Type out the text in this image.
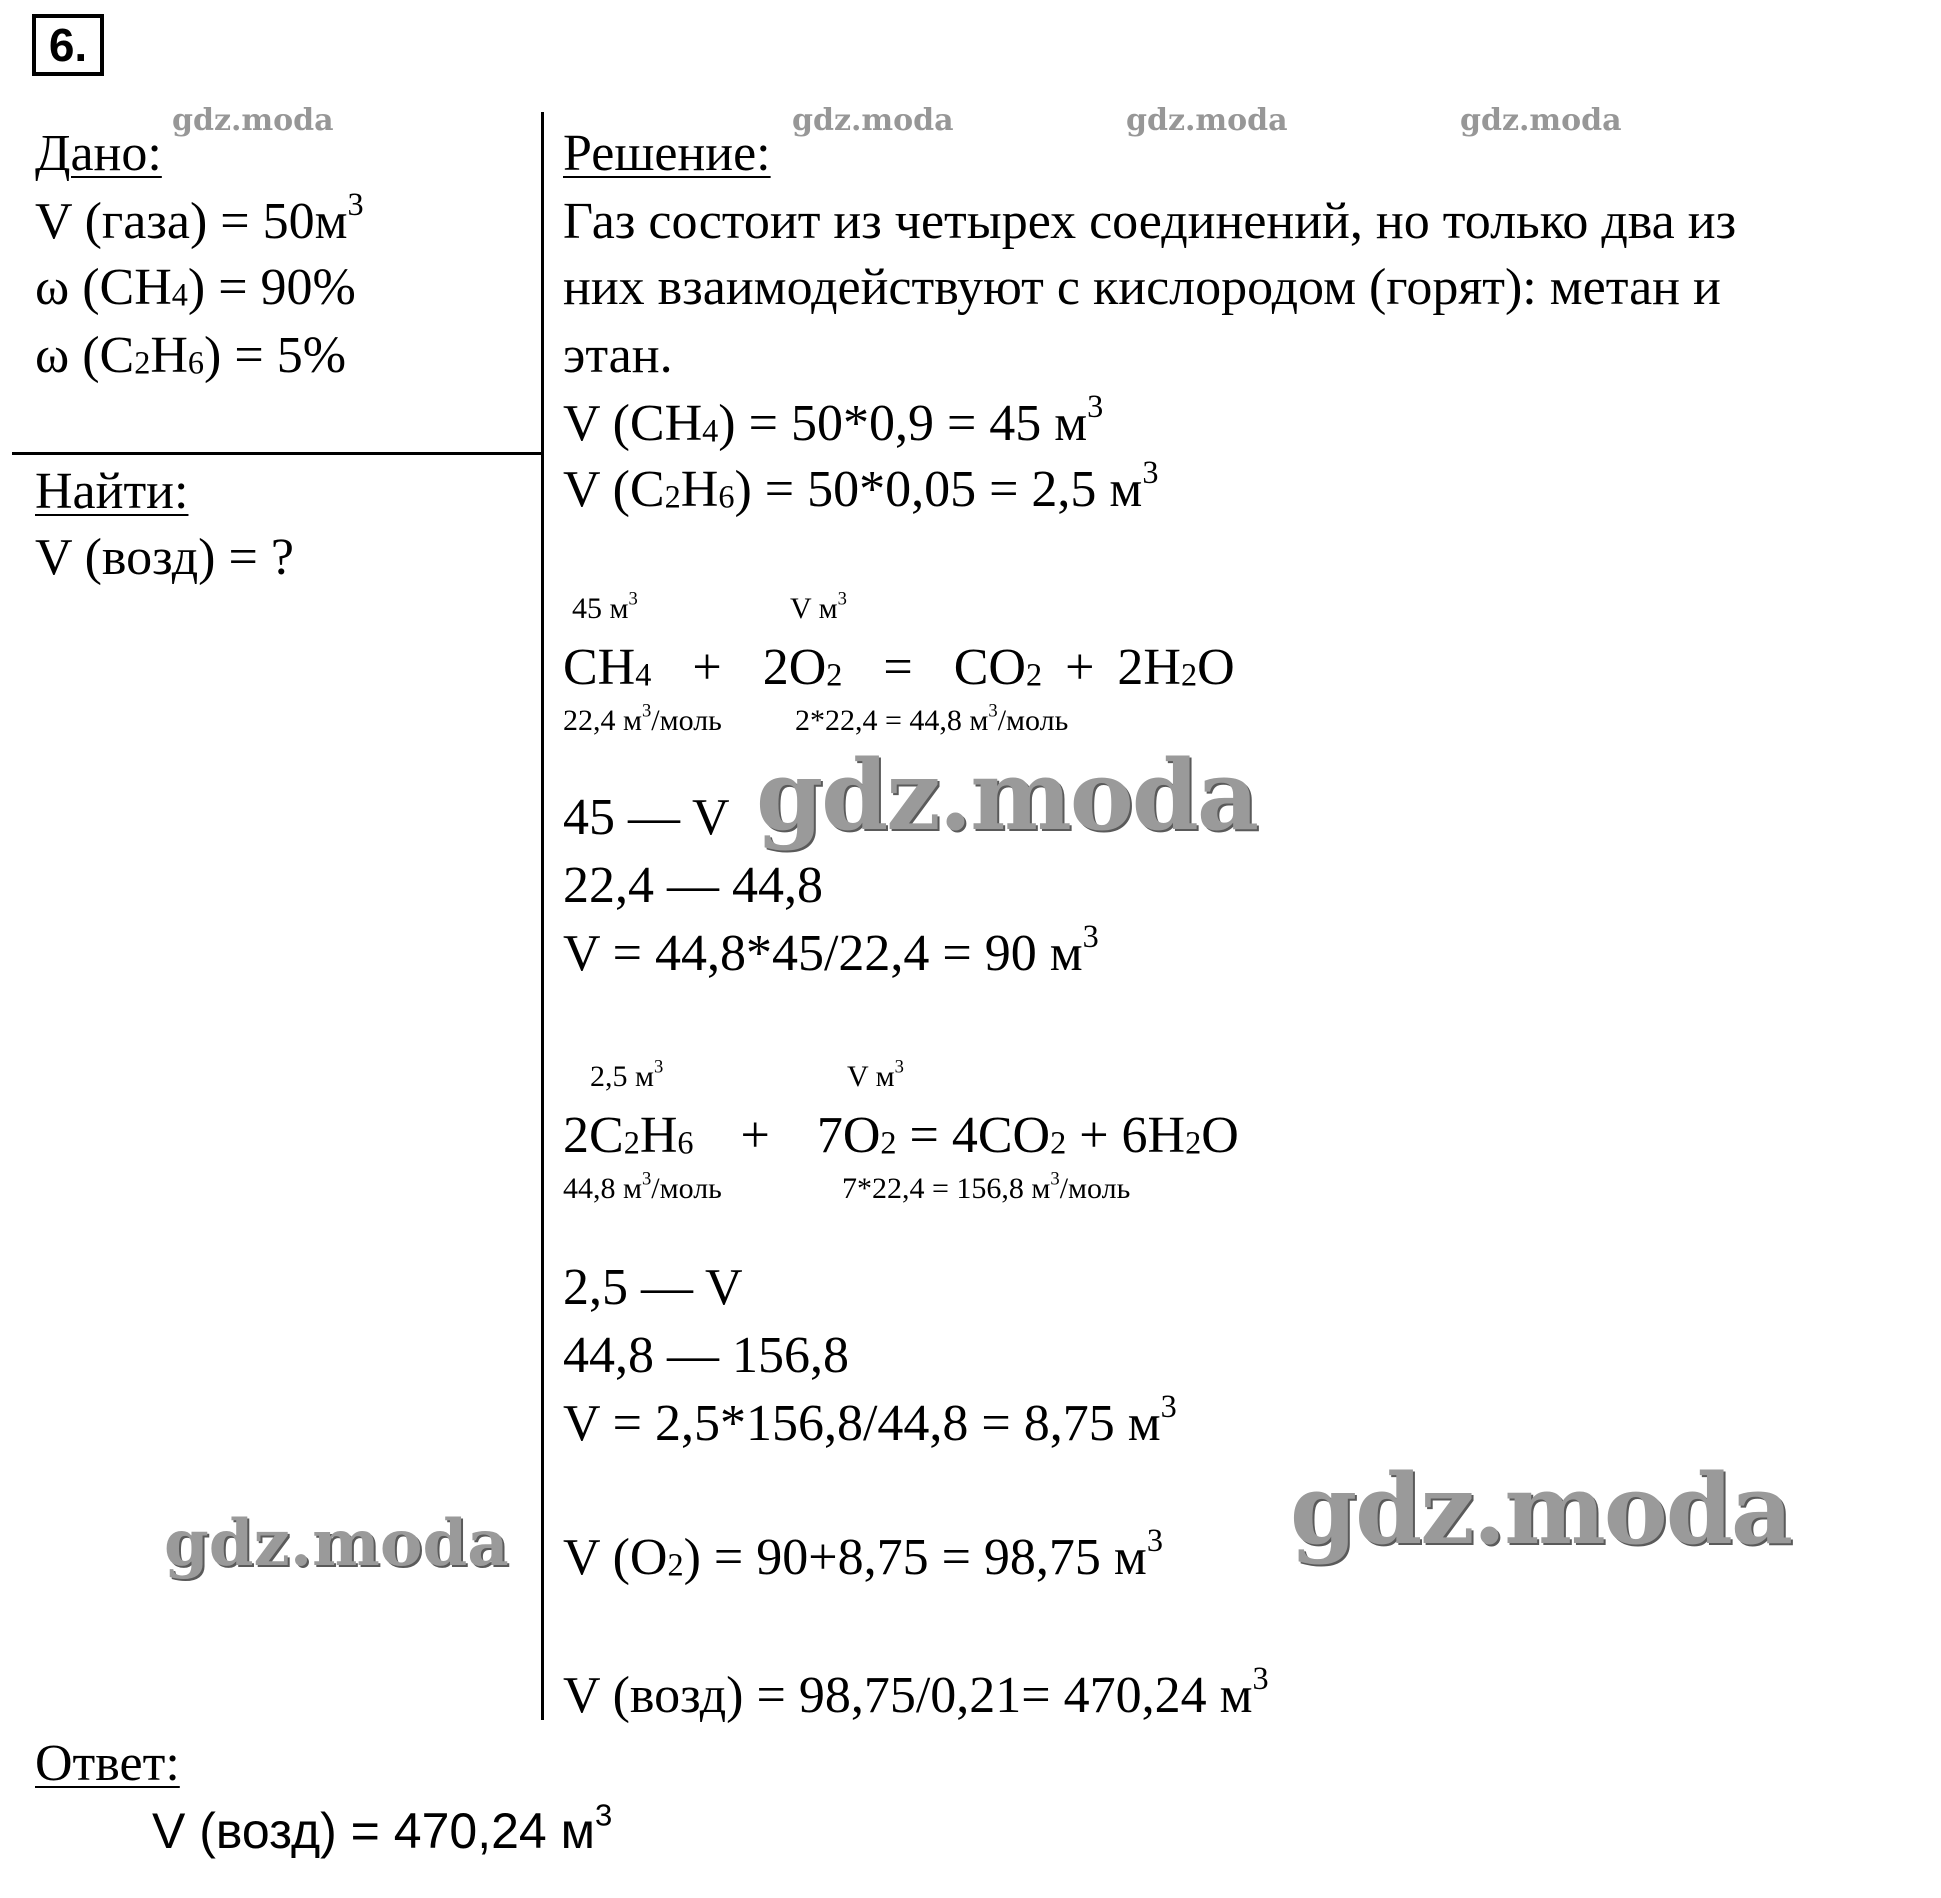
6.
Дано:
V (газа) = $50м^3$
ω $(CH_4) = 90\%$
ω $(C_2H_6) = 5\%$
Найти:
V (возд) = ?
Решение:
Газ состоит из четырех соединений, но только два из
них взаимодействуют с кислородом (горят): метан и
этан.
V $(CH_4) = 50*0,9 = 45$ $м^3$
V $(C_2H_6) = 50*0,05 = 2,5$ $м^3$
45 $м^3$	V $м^3$
$CH_4 + 2O_2 = CO_2 + 2H_2O$
22,4 $м^3$/моль 2*22,4 = 44,8 $м^3$/моль
45 — V
22,4 — 44,8
V = 44,8*45/22,4 = 90 $м^3$
2,5 $м^3$	V $м^3$
$2C_2H_6 + 7O_2 = 4CO_2 + 6H_2O$
44,8 $м^3$/моль	7*22,4 = 156,8 $м^3$/моль
2,5 — V
44,8 — 156,8
V = 2,5*156,8/44,8 = 8,75 $м^3$
V $(O_2) = 90+8,75 = 98,75$ $м^3$
V (возд) = 98,75/0,21= 470,24 $м^3$
Ответ:
V (возд) = 470,24 $м^3$
gdz.moda	gdz.moda	gdz.moda	gdz.moda
gdz.moda
gdz.moda	gdz.moda
